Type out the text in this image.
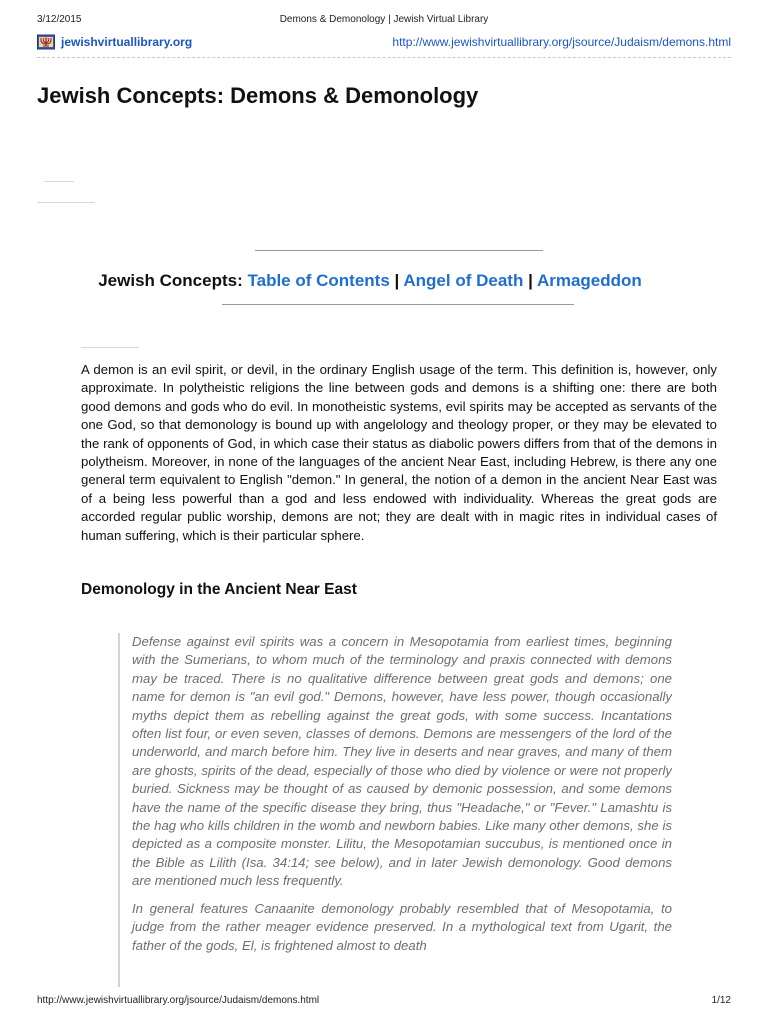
3/12/2015	Demons & Demonology | Jewish Virtual Library
jewishvirtuallibrary.org	http://www.jewishvirtuallibrary.org/jsource/Judaism/demons.html
Jewish Concepts: Demons & Demonology
Jewish Concepts: Table of Contents | Angel of Death | Armageddon

A demon is an evil spirit, or devil, in the ordinary English usage of the term. This definition is, however, only approximate. In polytheistic religions the line between gods and demons is a shifting one: there are both good demons and gods who do evil. In monotheistic systems, evil spirits may be accepted as servants of the one God, so that demonology is bound up with angelology and theology proper, or they may be elevated to the rank of opponents of God, in which case their status as diabolic powers differs from that of the demons in polytheism. Moreover, in none of the languages of the ancient Near East, including Hebrew, is there any one general term equivalent to English "demon." In general, the notion of a demon in the ancient Near East was of a being less powerful than a god and less endowed with individuality. Whereas the great gods are accorded regular public worship, demons are not; they are dealt with in magic rites in individual cases of human suffering, which is their particular sphere.

Demonology in the Ancient Near East

Defense against evil spirits was a concern in Mesopotamia from earliest times, beginning with the Sumerians, to whom much of the terminology and praxis connected with demons may be traced. There is no qualitative difference between great gods and demons; one name for demon is "an evil god." Demons, however, have less power, though occasionally myths depict them as rebelling against the great gods, with some success. Incantations often list four, or even seven, classes of demons. Demons are messengers of the lord of the underworld, and march before him. They live in deserts and near graves, and many of them are ghosts, spirits of the dead, especially of those who died by violence or were not properly buried. Sickness may be thought of as caused by demonic possession, and some demons have the name of the specific disease they bring, thus "Headache," or "Fever." Lamashtu is the hag who kills children in the womb and newborn babies. Like many other demons, she is depicted as a composite monster. Lilitu, the Mesopotamian succubus, is mentioned once in the Bible as Lilith (Isa. 34:14; see below), and in later Jewish demonology. Good demons are mentioned much less frequently.

In general features Canaanite demonology probably resembled that of Mesopotamia, to judge from the rather meager evidence preserved. In a mythological text from Ugarit, the father of the gods, El, is frightened almost to death

http://www.jewishvirtuallibrary.org/jsource/Judaism/demons.html	1/12
